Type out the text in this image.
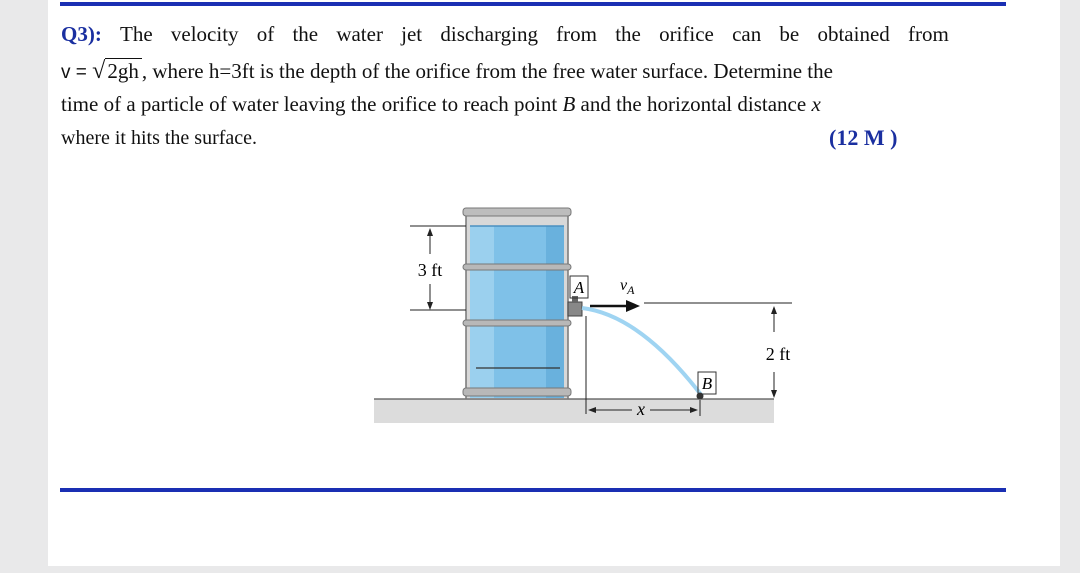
Q3): The velocity of the water jet discharging from the orifice can be obtained from
v = √2gh , where h=3ft is the depth of the orifice from the free water surface. Determine the
time of a particle of water leaving the orifice to reach point B and the horizontal distance x
where it hits the surface.	(12 M )
3 ft
A $v_A$
2 ft
B
x
